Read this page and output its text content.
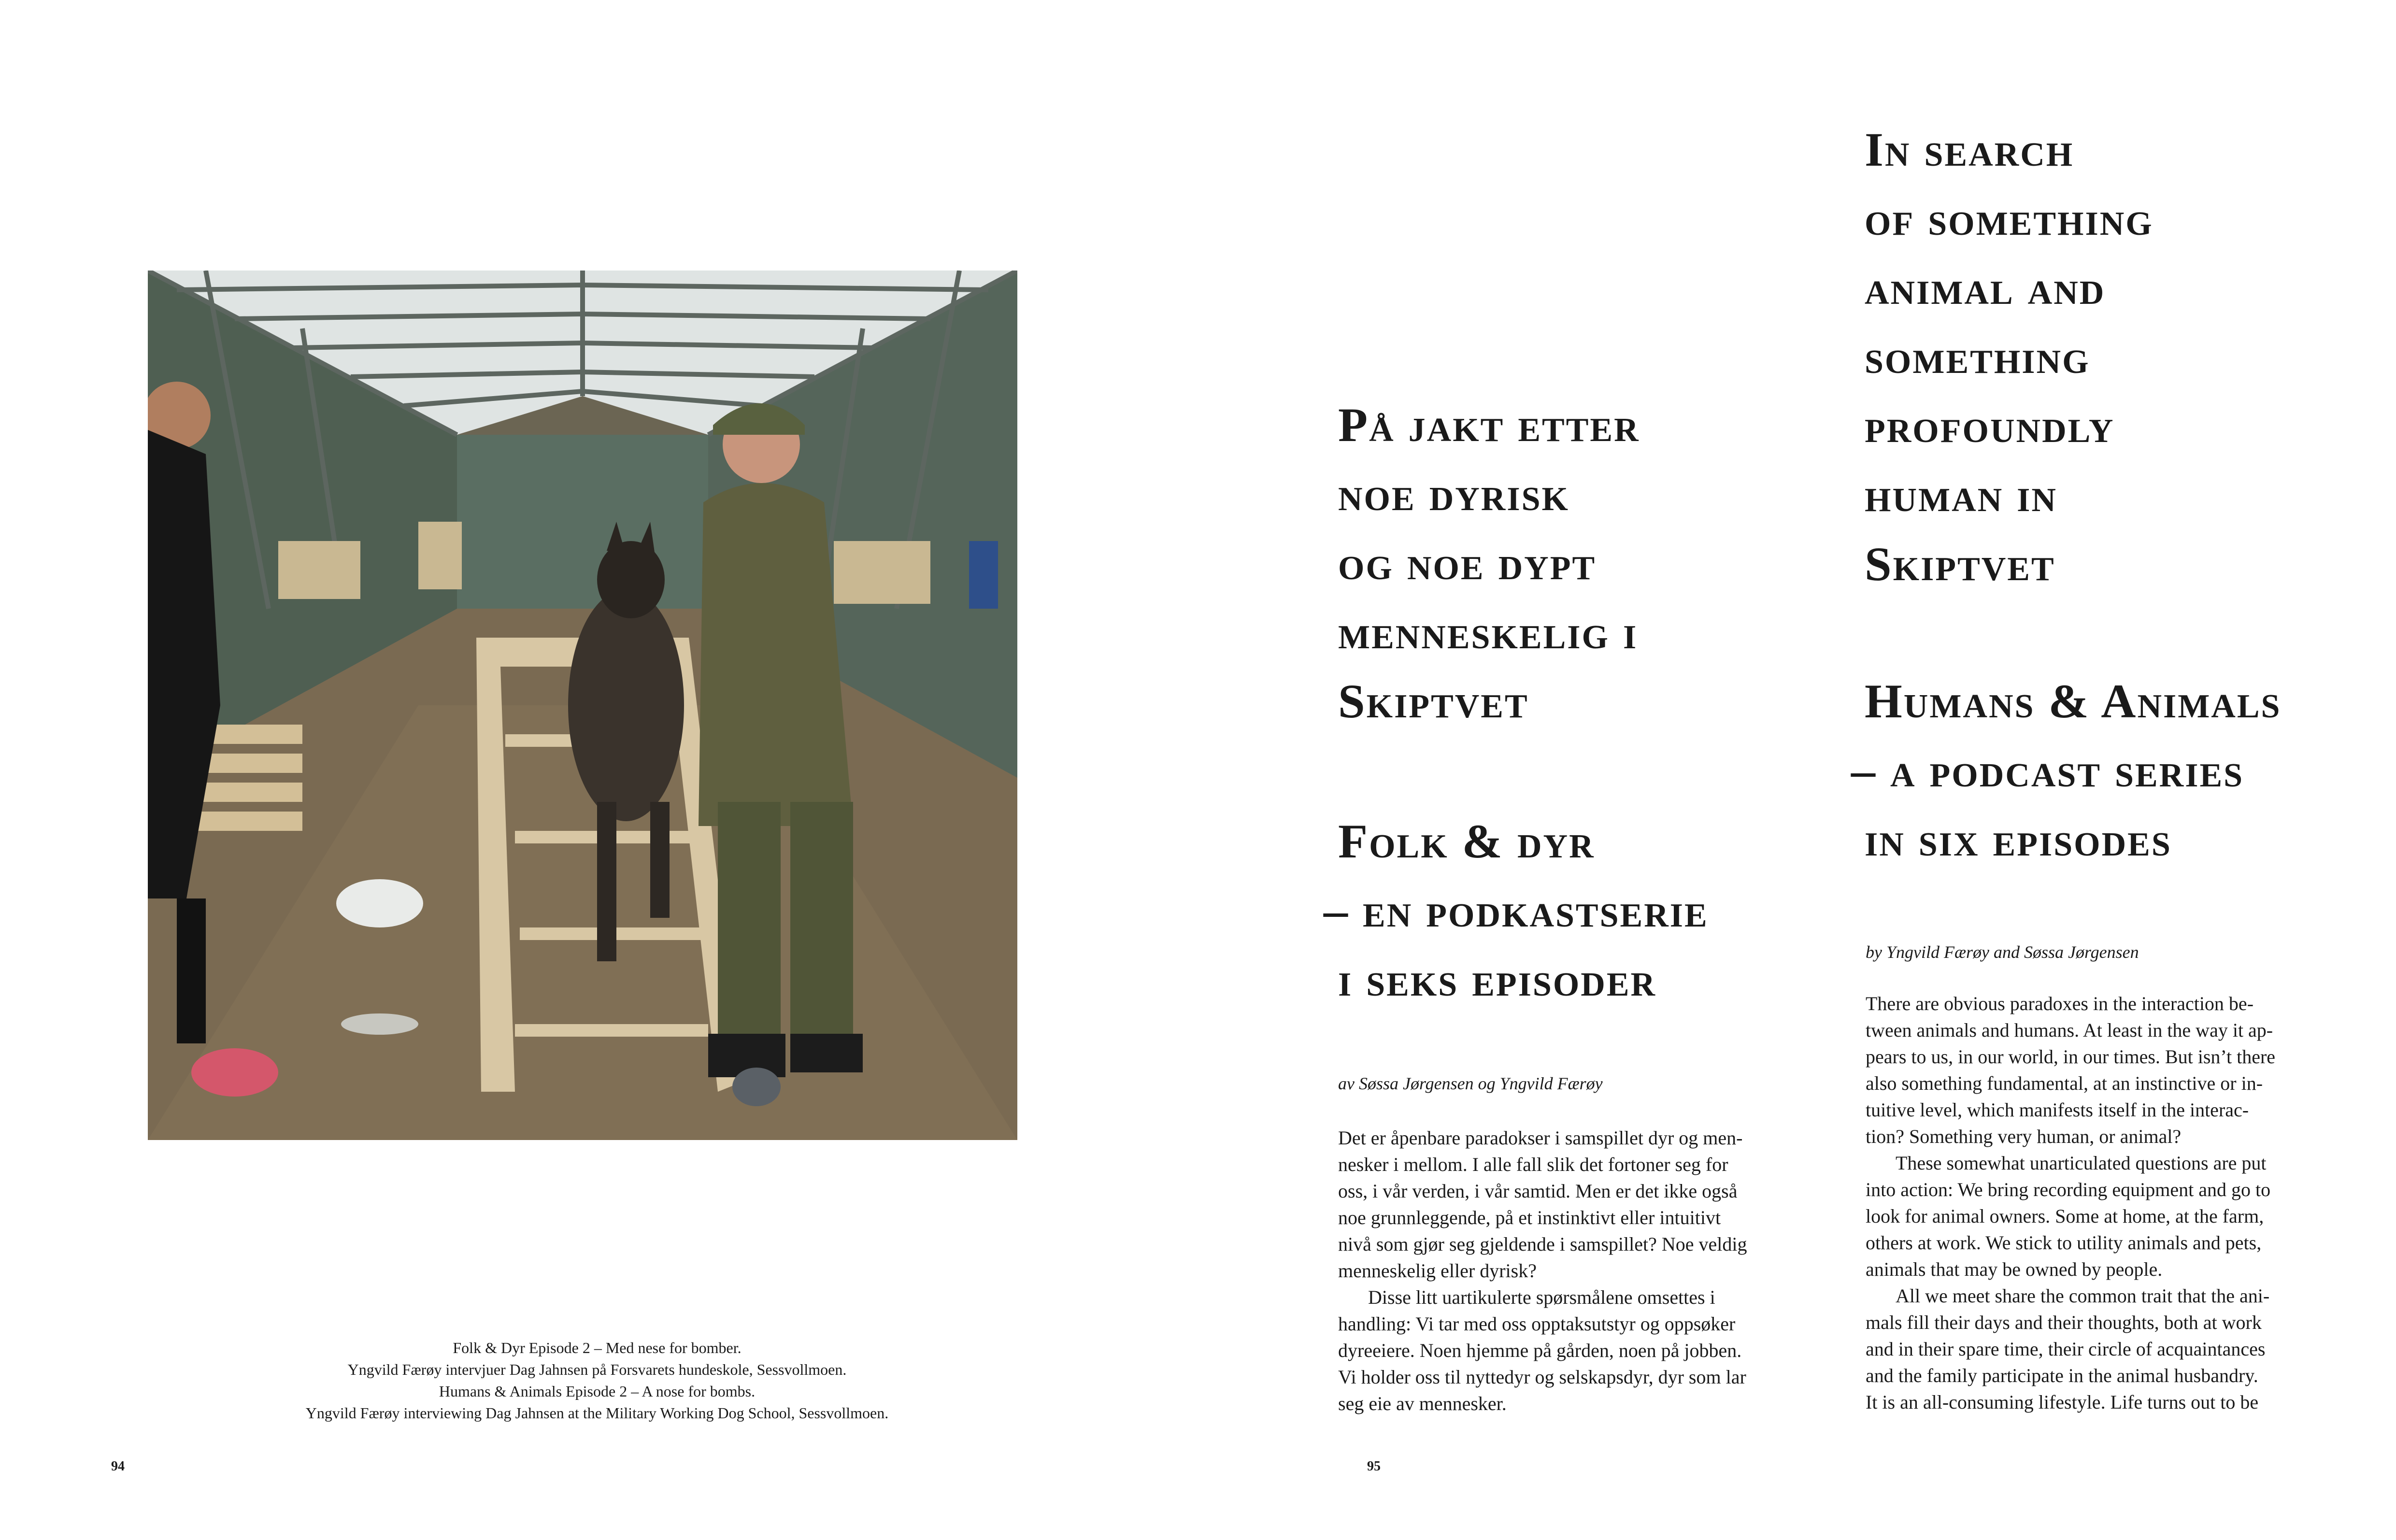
Folk & Dyr Episode 2 – Med nese for bomber.
Yngvild Færøy intervjuer Dag Jahnsen på Forsvarets hundeskole, Sessvollmoen.
Humans & Animals Episode 2 – A nose for bombs.
Yngvild Færøy interviewing Dag Jahnsen at the Military Working Dog School, Sessvollmoen.
94
På jakt etter
noe dyrisk
og noe dypt
menneskelig i
Skiptvet
Folk & dyr
– en podkastserie
i seks episoder
In search
of something
animal and
something
profoundly
human in
Skiptvet
Humans & Animals
– a podcast series
in six episodes
av Søssa Jørgensen og Yngvild Færøy
by Yngvild Færøy and Søssa Jørgensen
Det er åpenbare paradokser i samspillet dyr og men-
nesker i mellom. I alle fall slik det fortoner seg for
oss, i vår verden, i vår samtid. Men er det ikke også
noe grunnleggende, på et instinktivt eller intuitivt
nivå som gjør seg gjeldende i samspillet? Noe veldig
menneskelig eller dyrisk?
Disse litt uartikulerte spørsmålene omsettes i
handling: Vi tar med oss opptaksutstyr og oppsøker
dyreeiere. Noen hjemme på gården, noen på jobben.
Vi holder oss til nyttedyr og selskapsdyr, dyr som lar
seg eie av mennesker.
There are obvious paradoxes in the interaction be-
tween animals and humans. At least in the way it ap-
pears to us, in our world, in our times. But isn’t there
also something fundamental, at an instinctive or in-
tuitive level, which manifests itself in the interac-
tion? Something very human, or animal?
These somewhat unarticulated questions are put
into action: We bring recording equipment and go to
look for animal owners. Some at home, at the farm,
others at work. We stick to utility animals and pets,
animals that may be owned by people.
All we meet share the common trait that the ani-
mals fill their days and their thoughts, both at work
and in their spare time, their circle of acquaintances
and the family participate in the animal husbandry.
It is an all-consuming lifestyle. Life turns out to be
95
